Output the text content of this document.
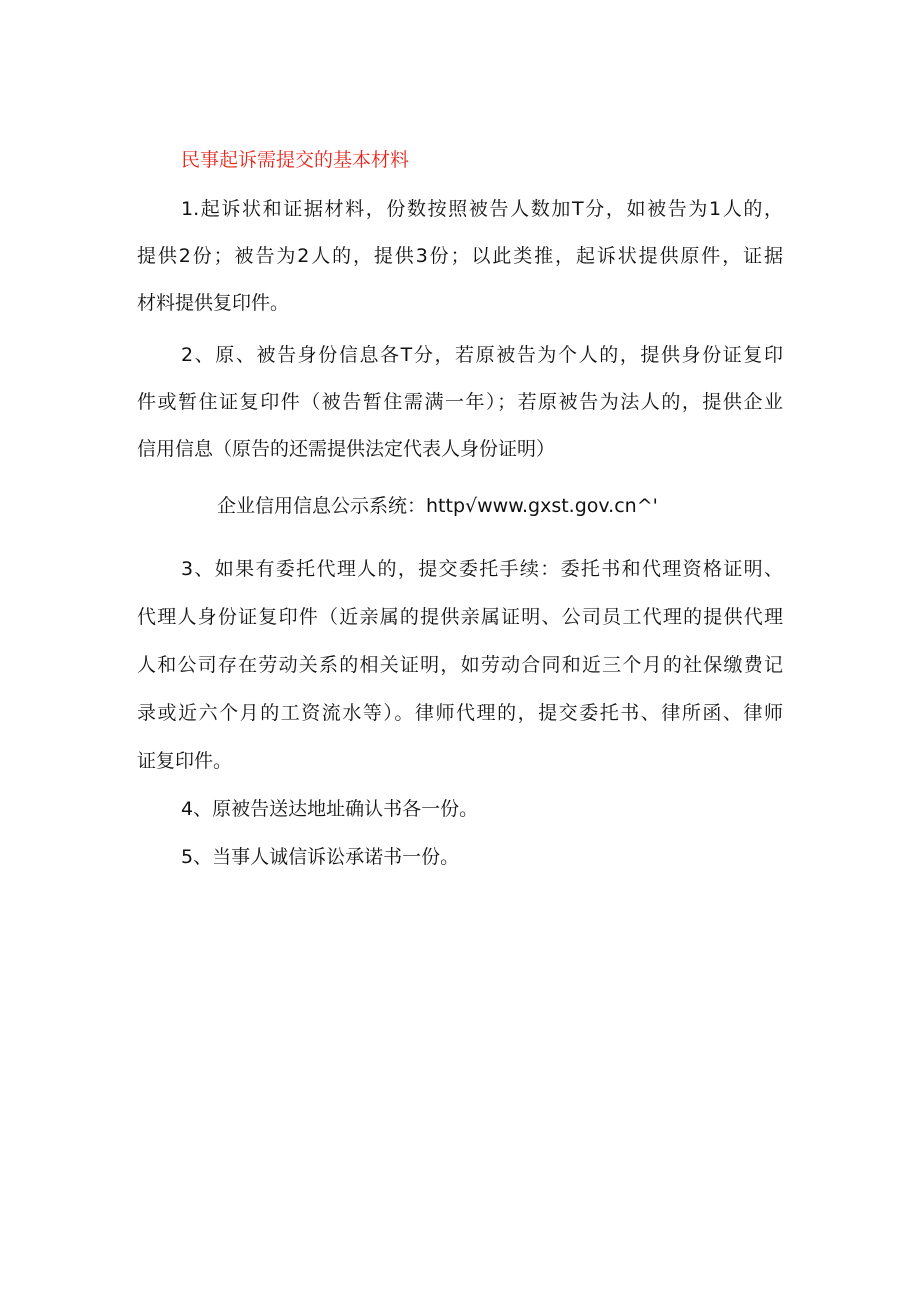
民事起诉需提交的基本材料
1.起诉状和证据材料，份数按照被告人数加T分，如被告为1人的，
提供2份；被告为2人的，提供3份；以此类推，起诉状提供原件，证据
材料提供复印件。
2、原、被告身份信息各T分，若原被告为个人的，提供身份证复印
件或暂住证复印件（被告暂住需满一年）；若原被告为法人的，提供企业
信用信息（原告的还需提供法定代表人身份证明）
企业信用信息公示系统：http√www.gxst.gov.cn^'
3、如果有委托代理人的，提交委托手续：委托书和代理资格证明、
代理人身份证复印件（近亲属的提供亲属证明、公司员工代理的提供代理
人和公司存在劳动关系的相关证明，如劳动合同和近三个月的社保缴费记
录或近六个月的工资流水等）。律师代理的，提交委托书、律所函、律师
证复印件。
4、原被告送达地址确认书各一份。
5、当事人诚信诉讼承诺书一份。
